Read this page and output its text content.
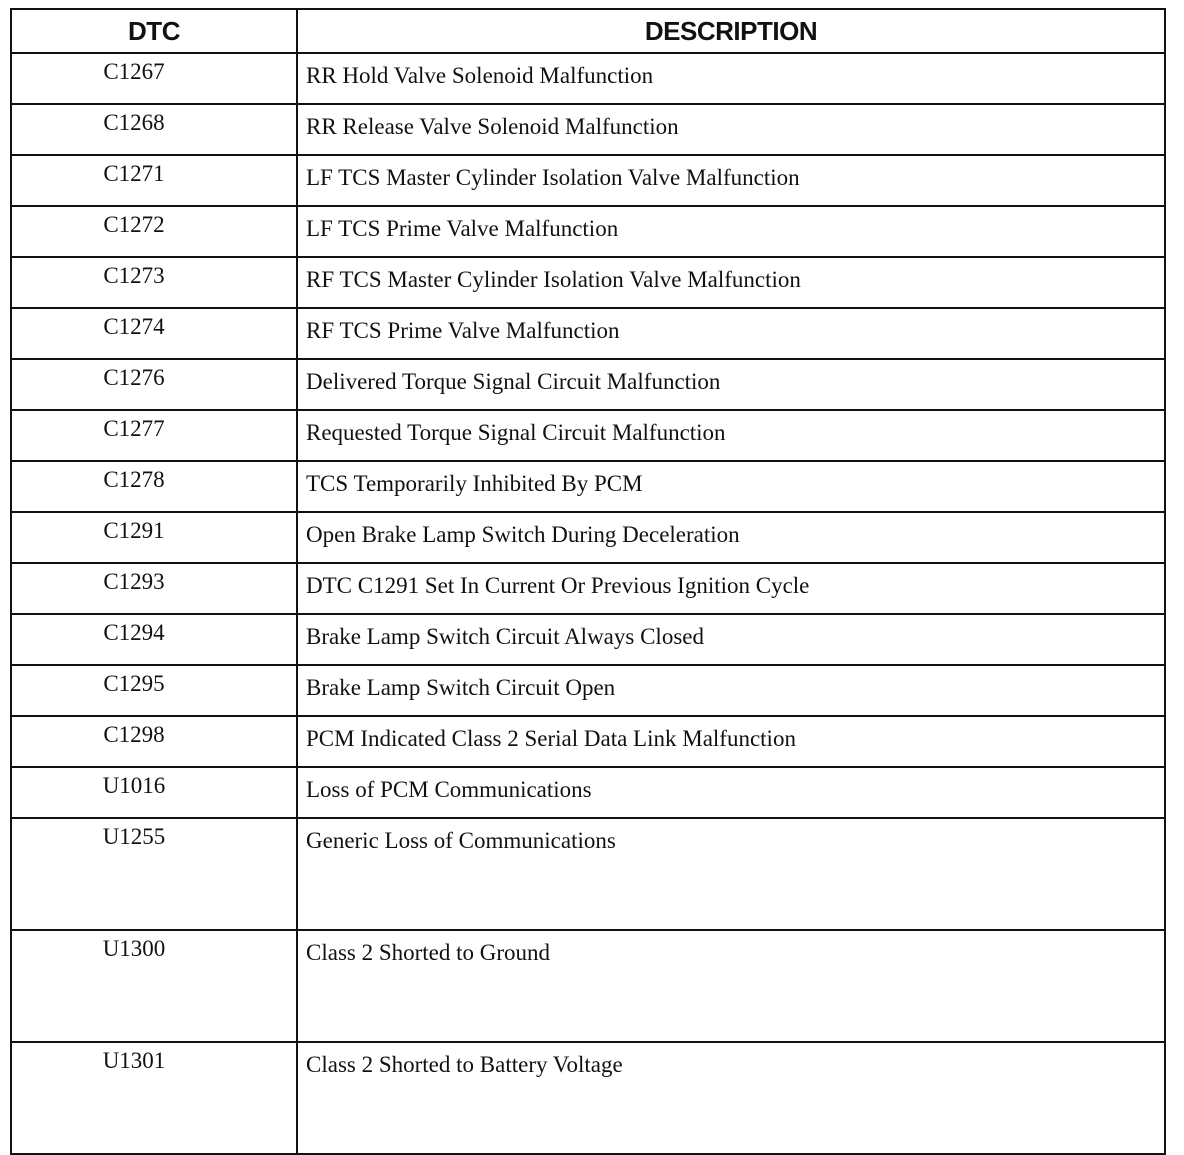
DTC	DESCRIPTION
C1267	RR Hold Valve Solenoid Malfunction
C1268	RR Release Valve Solenoid Malfunction
C1271	LF TCS Master Cylinder Isolation Valve Malfunction
C1272	LF TCS Prime Valve Malfunction
C1273	RF TCS Master Cylinder Isolation Valve Malfunction
C1274	RF TCS Prime Valve Malfunction
C1276	Delivered Torque Signal Circuit Malfunction
C1277	Requested Torque Signal Circuit Malfunction
C1278	TCS Temporarily Inhibited By PCM
C1291	Open Brake Lamp Switch During Deceleration
C1293	DTC C1291 Set In Current Or Previous Ignition Cycle
C1294	Brake Lamp Switch Circuit Always Closed
C1295	Brake Lamp Switch Circuit Open
C1298	PCM Indicated Class 2 Serial Data Link Malfunction
U1016	Loss of PCM Communications
U1255	Generic Loss of Communications
U1300	Class 2 Shorted to Ground
U1301	Class 2 Shorted to Battery Voltage
